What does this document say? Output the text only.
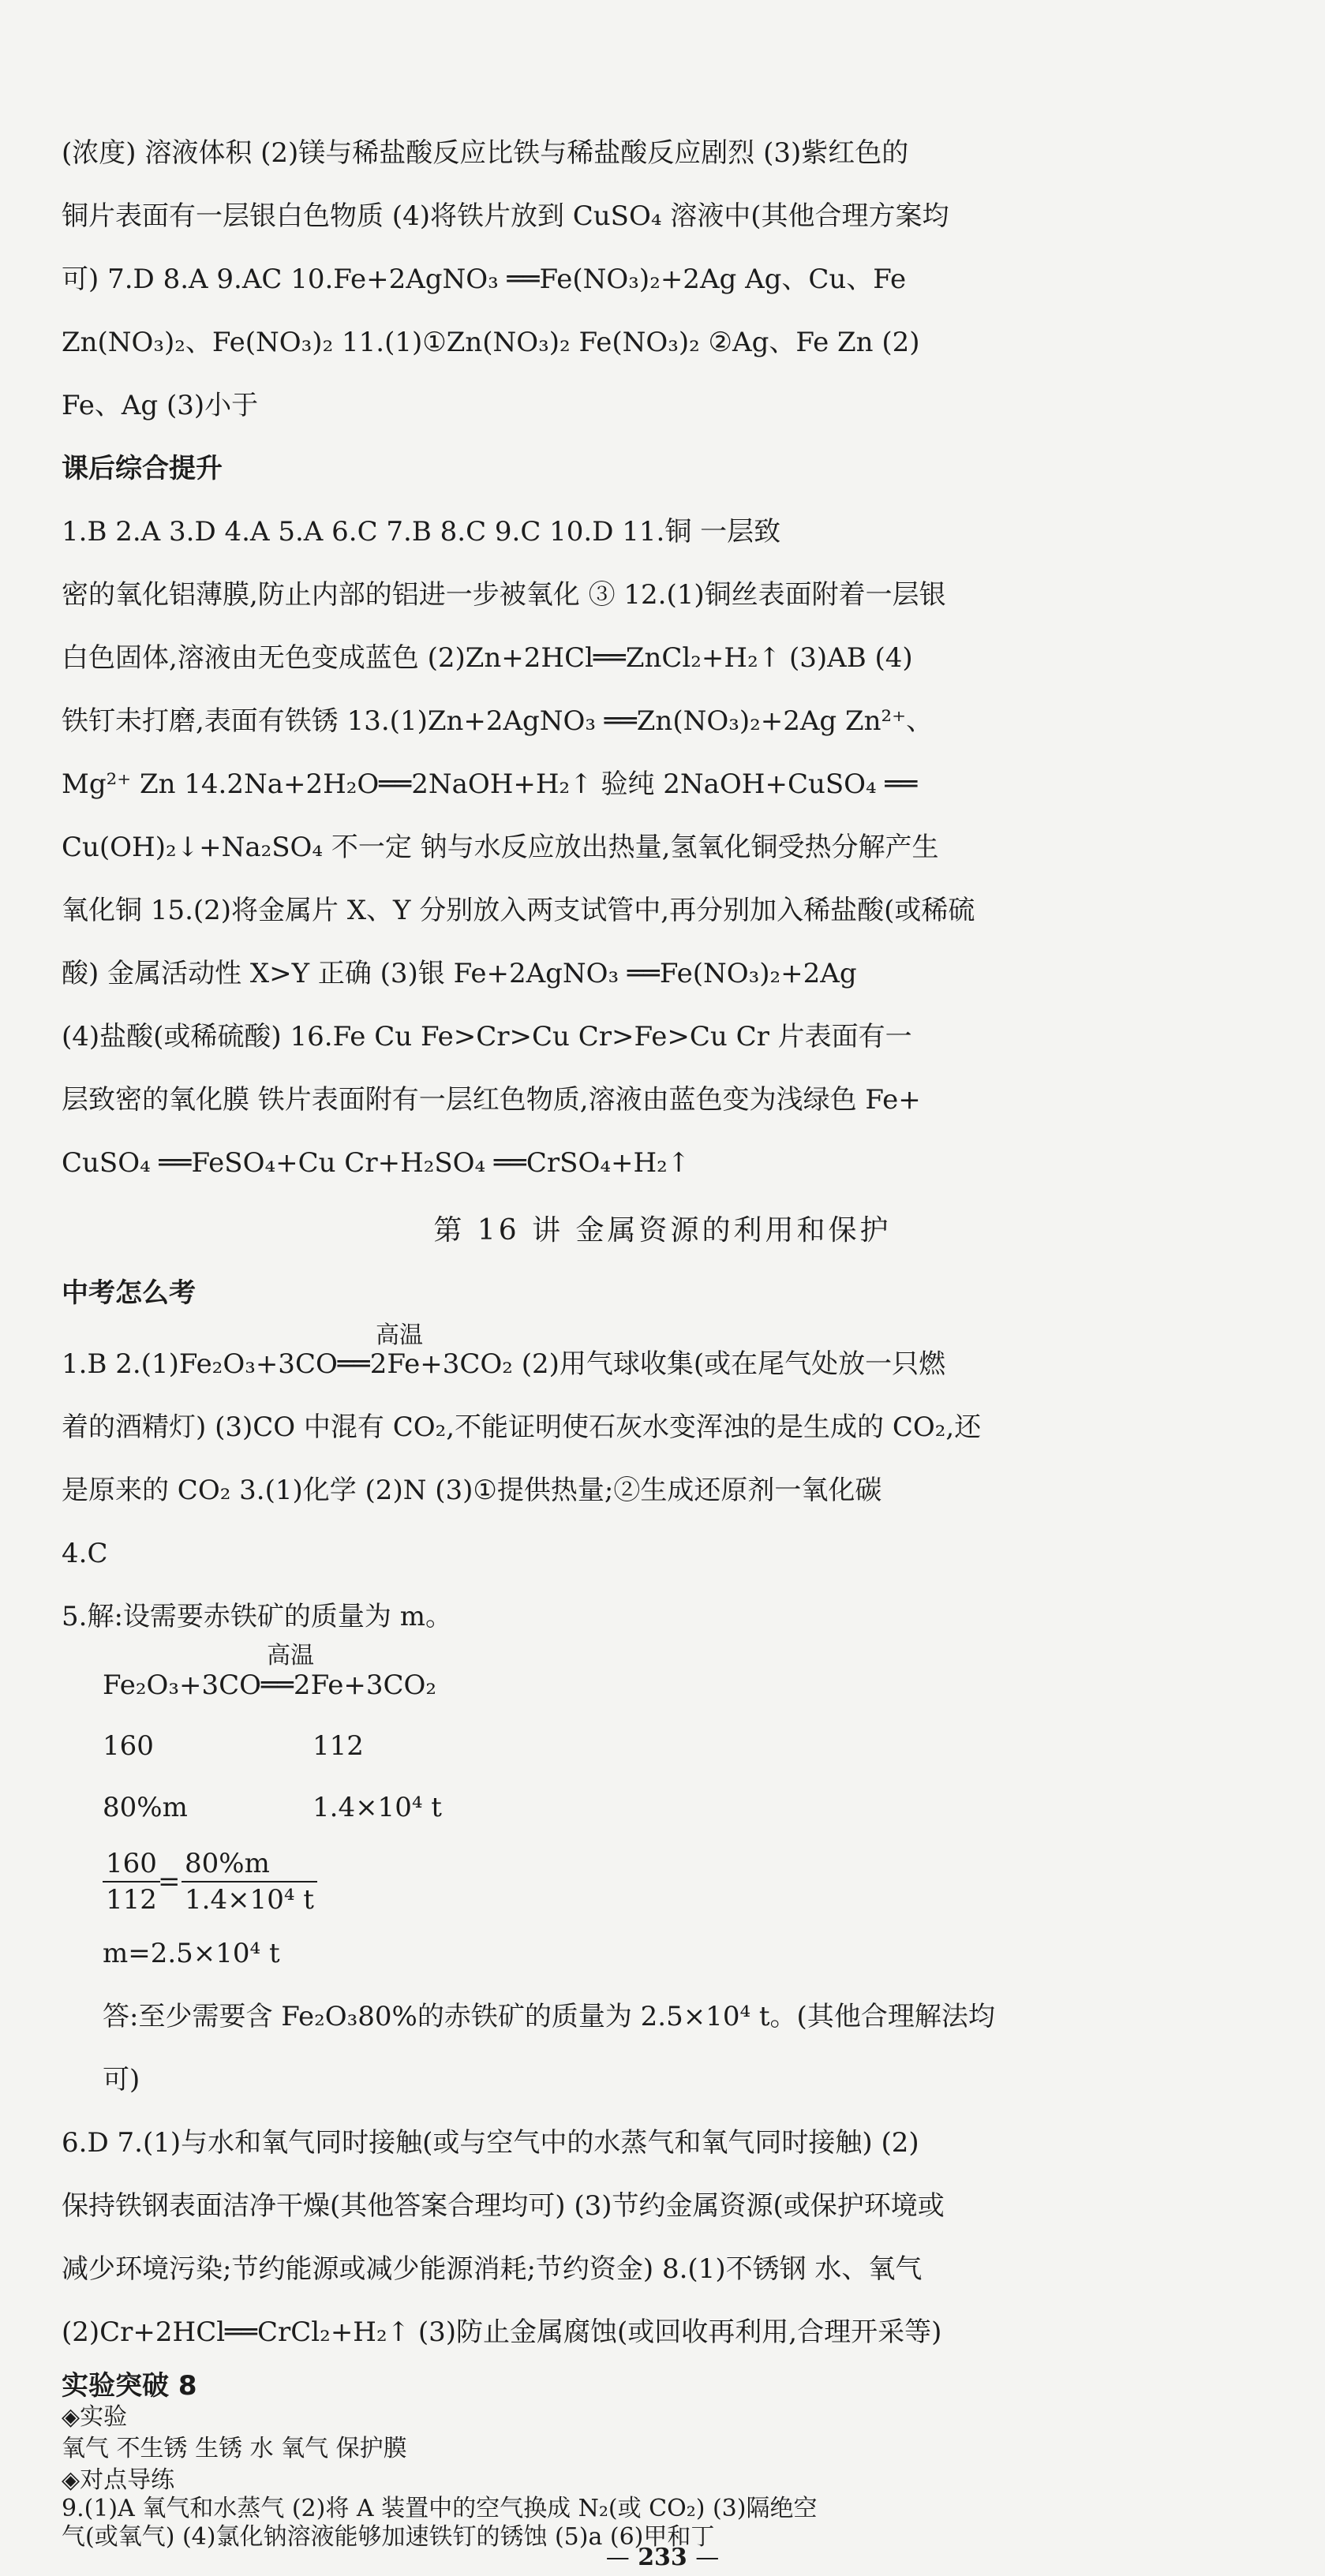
(浓度) 溶液体积 (2)镁与稀盐酸反应比铁与稀盐酸反应剧烈 (3)紫红色的
铜片表面有一层银白色物质 (4)将铁片放到 CuSO₄ 溶液中(其他合理方案均
可) 7.D 8.A 9.AC 10.Fe+2AgNO₃ ══Fe(NO₃)₂+2Ag Ag、Cu、Fe
Zn(NO₃)₂、Fe(NO₃)₂ 11.(1)①Zn(NO₃)₂ Fe(NO₃)₂ ②Ag、Fe Zn (2)
Fe、Ag (3)小于
课后综合提升
1.B 2.A 3.D 4.A 5.A 6.C 7.B 8.C 9.C 10.D 11.铜 一层致
密的氧化铝薄膜,防止内部的铝进一步被氧化 ③ 12.(1)铜丝表面附着一层银
白色固体,溶液由无色变成蓝色 (2)Zn+2HCl══ZnCl₂+H₂↑ (3)AB (4)
铁钉未打磨,表面有铁锈 13.(1)Zn+2AgNO₃ ══Zn(NO₃)₂+2Ag Zn²⁺、
Mg²⁺ Zn 14.2Na+2H₂O══2NaOH+H₂↑ 验纯 2NaOH+CuSO₄ ══
Cu(OH)₂↓+Na₂SO₄ 不一定 钠与水反应放出热量,氢氧化铜受热分解产生
氧化铜 15.(2)将金属片 X、Y 分别放入两支试管中,再分别加入稀盐酸(或稀硫
酸) 金属活动性 X>Y 正确 (3)银 Fe+2AgNO₃ ══Fe(NO₃)₂+2Ag
(4)盐酸(或稀硫酸) 16.Fe Cu Fe>Cr>Cu Cr>Fe>Cu Cr 片表面有一
层致密的氧化膜 铁片表面附有一层红色物质,溶液由蓝色变为浅绿色 Fe+
CuSO₄ ══FeSO₄+Cu Cr+H₂SO₄ ══CrSO₄+H₂↑
第 16 讲 金属资源的利用和保护
中考怎么考
高温
1.B 2.(1)Fe₂O₃+3CO══2Fe+3CO₂ (2)用气球收集(或在尾气处放一只燃
着的酒精灯) (3)CO 中混有 CO₂,不能证明使石灰水变浑浊的是生成的 CO₂,还
是原来的 CO₂ 3.(1)化学 (2)N (3)①提供热量;②生成还原剂一氧化碳
4.C
5.解:设需要赤铁矿的质量为 m。
高温
Fe₂O₃+3CO══2Fe+3CO₂
160	112
80%m	1.4×10⁴ t
$\frac{160}{112}$
= $\frac{80\%m}{\text{1.4×10⁴ t}}$
m=2.5×10⁴ t
答:至少需要含 Fe₂O₃80%的赤铁矿的质量为 2.5×10⁴ t。(其他合理解法均
可)
6.D 7.(1)与水和氧气同时接触(或与空气中的水蒸气和氧气同时接触) (2)
保持铁钢表面洁净干燥(其他答案合理均可) (3)节约金属资源(或保护环境或
减少环境污染;节约能源或减少能源消耗;节约资金) 8.(1)不锈钢 水、氧气
(2)Cr+2HCl══CrCl₂+H₂↑ (3)防止金属腐蚀(或回收再利用,合理开采等)
实验突破 8
◈实验
氧气 不生锈 生锈 水 氧气 保护膜
◈对点导练
9.(1)A 氧气和水蒸气 (2)将 A 装置中的空气换成 N₂(或 CO₂) (3)隔绝空
气(或氧气) (4)氯化钠溶液能够加速铁钉的锈蚀 (5)a (6)甲和丁
— 233 —
